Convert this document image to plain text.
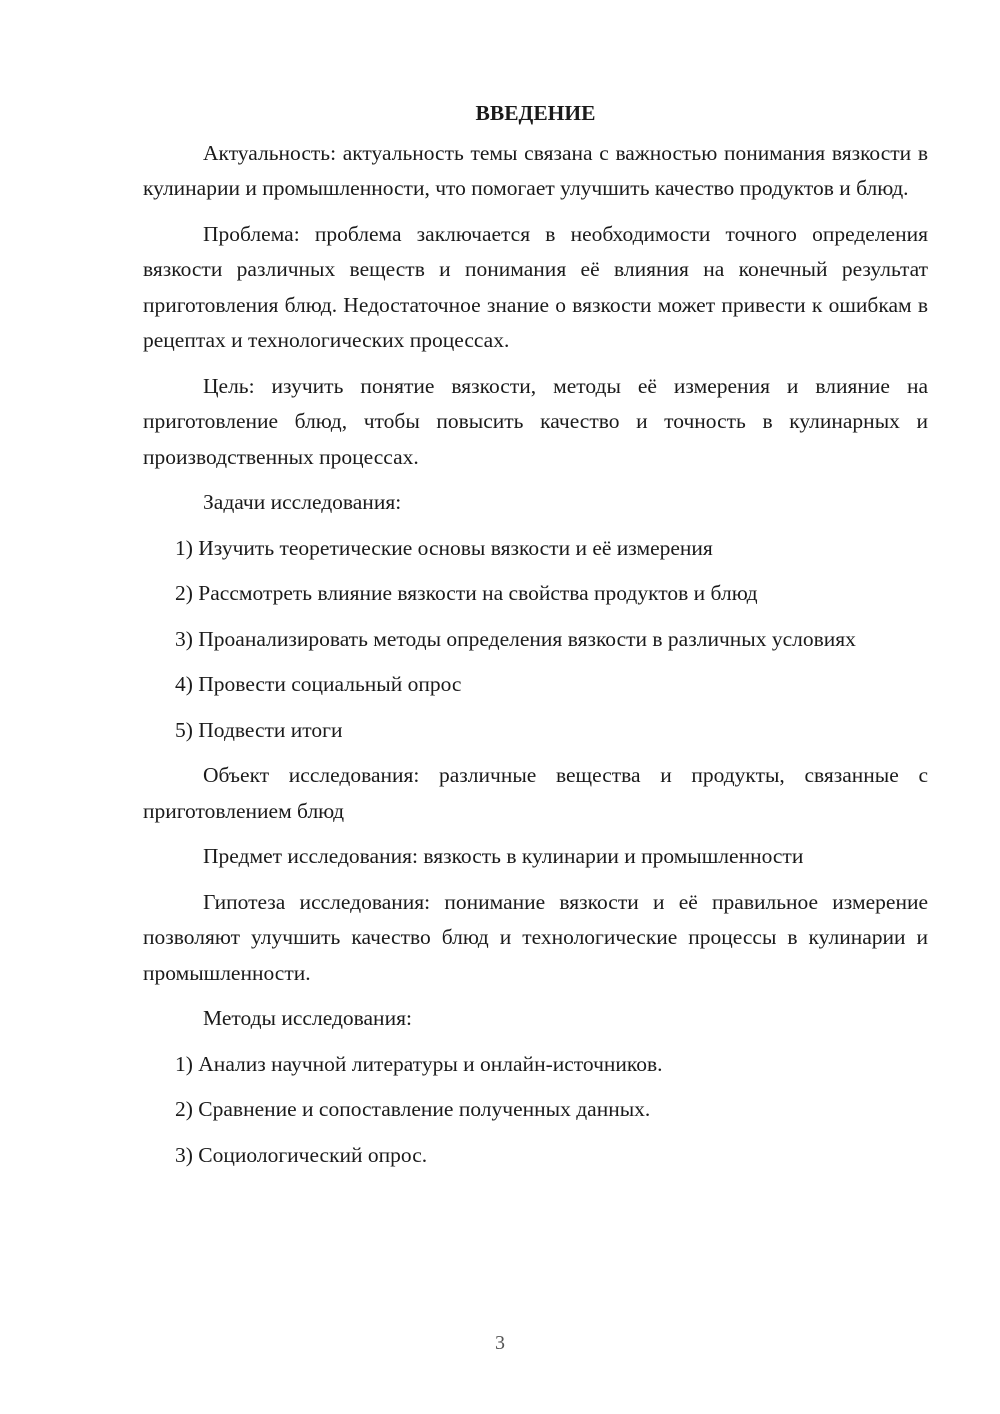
ВВЕДЕНИЕ

Актуальность: актуальность темы связана с важностью понимания вязкости в кулинарии и промышленности, что помогает улучшить качество продуктов и блюд.

Проблема: проблема заключается в необходимости точного определения вязкости различных веществ и понимания её влияния на конечный результат приготовления блюд. Недостаточное знание о вязкости может привести к ошибкам в рецептах и технологических процессах.

Цель: изучить понятие вязкости, методы её измерения и влияние на приготовление блюд, чтобы повысить качество и точность в кулинарных и производственных процессах.

Задачи исследования:

1) Изучить теоретические основы вязкости и её измерения

2) Рассмотреть влияние вязкости на свойства продуктов и блюд

3) Проанализировать методы определения вязкости в различных условиях

4) Провести социальный опрос

5) Подвести итоги

Объект исследования: различные вещества и продукты, связанные с приготовлением блюд

Предмет исследования: вязкость в кулинарии и промышленности

Гипотеза исследования: понимание вязкости и её правильное измерение позволяют улучшить качество блюд и технологические процессы в кулинарии и промышленности.

Методы исследования:

1) Анализ научной литературы и онлайн-источников.

2) Сравнение и сопоставление полученных данных.

3) Социологический опрос.

3
